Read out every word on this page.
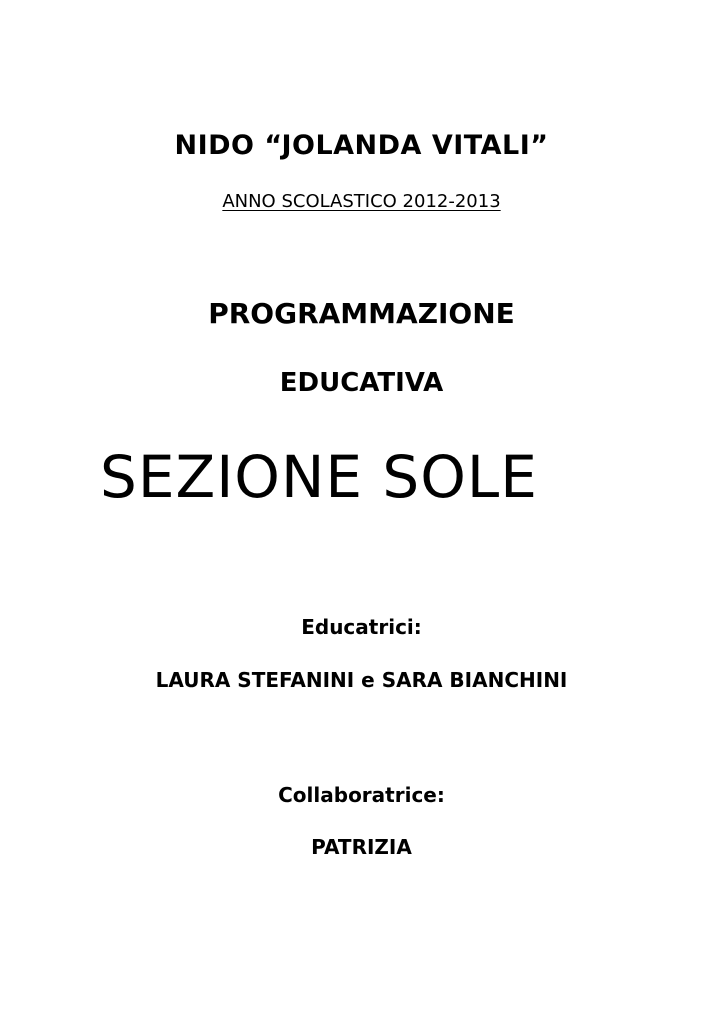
NIDO “JOLANDA VITALI”
ANNO SCOLASTICO 2012-2013
PROGRAMMAZIONE
EDUCATIVA
SEZIONE SOLE
Educatrici:
LAURA STEFANINI e SARA BIANCHINI
Collaboratrice:
PATRIZIA
